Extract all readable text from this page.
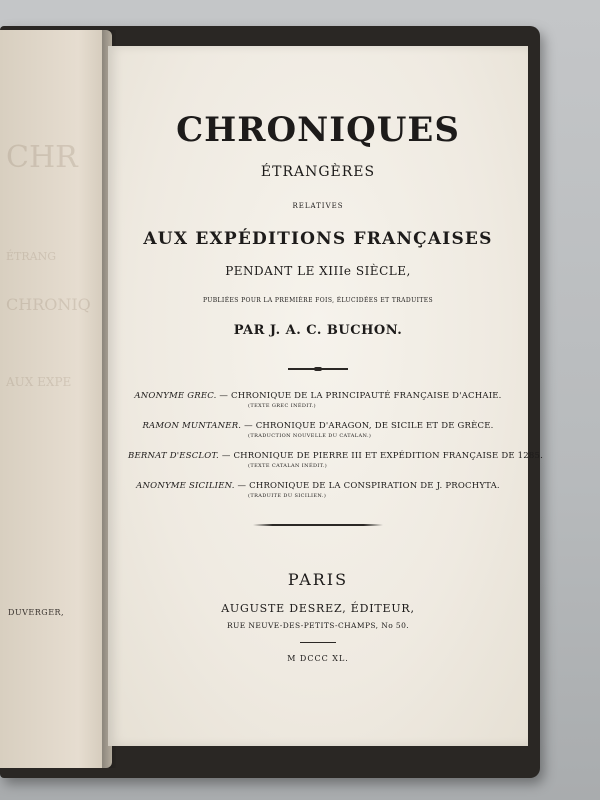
CHR
ÉTRANG
CHRONIQ
AUX EXPE
DUVERGER,
CHRONIQUES
ÉTRANGÈRES
RELATIVES
AUX EXPÉDITIONS FRANÇAISES
PENDANT LE XIIIe SIÈCLE,
PUBLIÉES POUR LA PREMIÈRE FOIS, ÉLUCIDÉES ET TRADUITES
PAR J. A. C. BUCHON.
ANONYME GREC. — CHRONIQUE DE LA PRINCIPAUTÉ FRANÇAISE D'ACHAIE.
(TEXTE GREC INÉDIT.)
RAMON MUNTANER. — CHRONIQUE D'ARAGON, DE SICILE ET DE GRÈCE.
(TRADUCTION NOUVELLE DU CATALAN.)
BERNAT D'ESCLOT. — CHRONIQUE DE PIERRE III ET EXPÉDITION FRANÇAISE DE 1285.
(TEXTE CATALAN INÉDIT.)
ANONYME SICILIEN. — CHRONIQUE DE LA CONSPIRATION DE J. PROCHYTA.
(TRADUITE DU SICILIEN.)
PARIS
AUGUSTE DESREZ, ÉDITEUR,
RUE NEUVE-DES-PETITS-CHAMPS, No 50.
M DCCC XL.
